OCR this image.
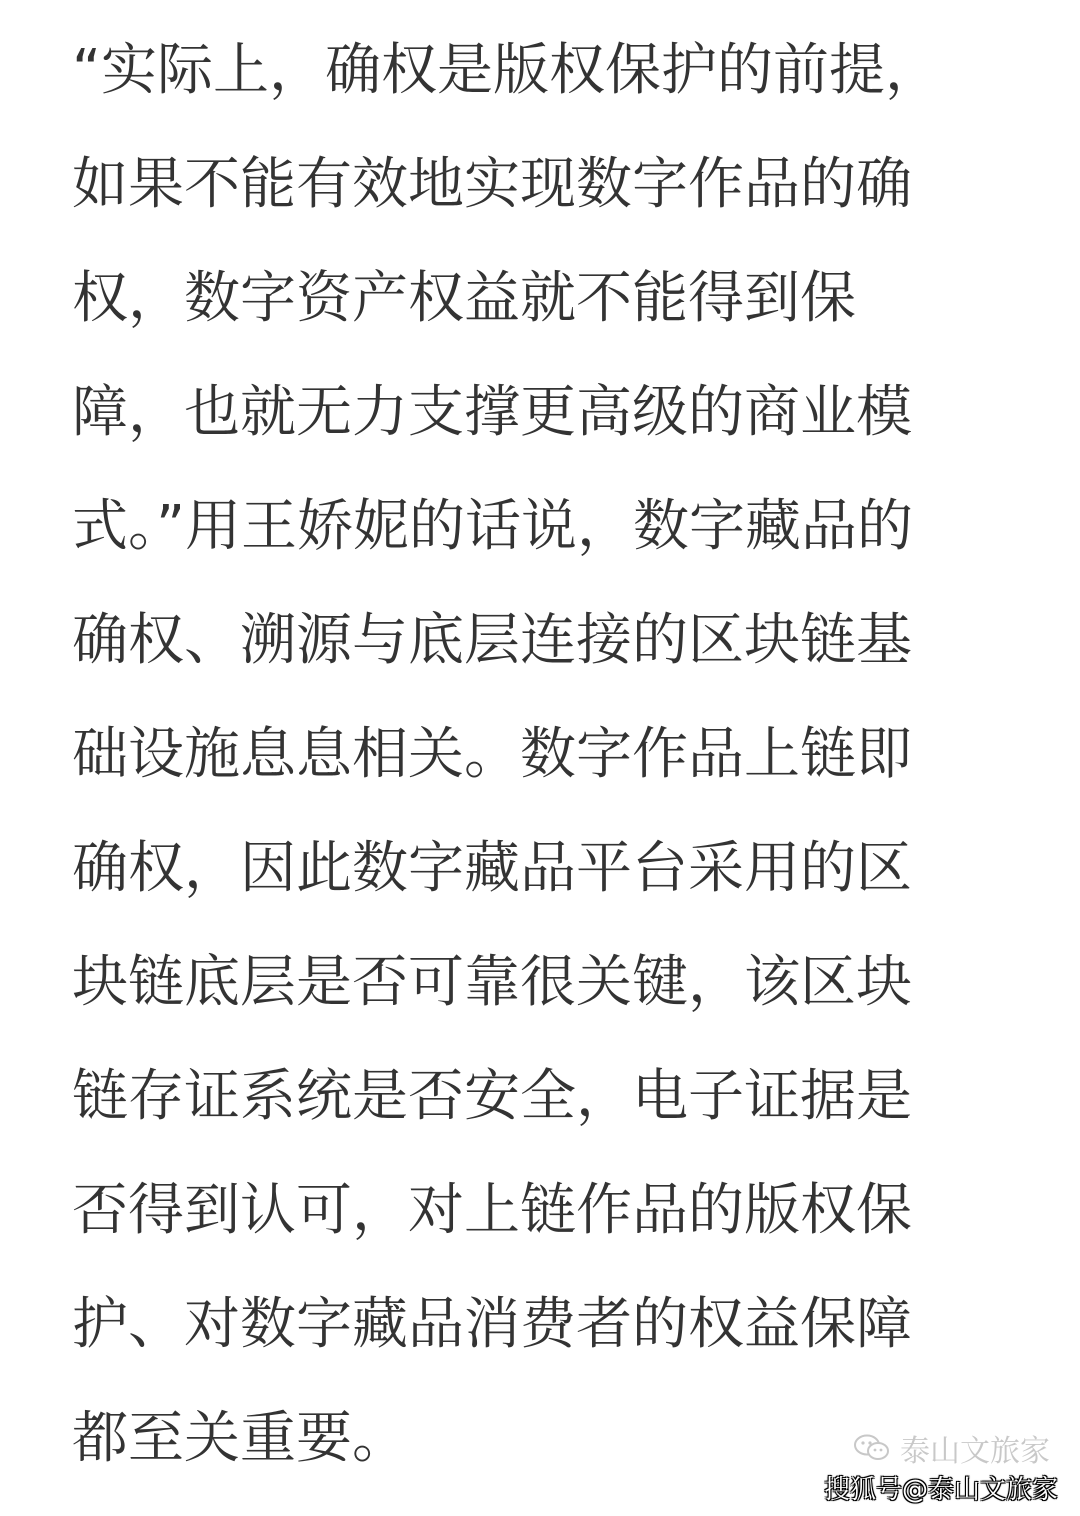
“实际上，确权是版权保护的前提，
如果不能有效地实现数字作品的确
权，数字资产权益就不能得到保
障，也就无力支撑更高级的商业模
式。”用王娇妮的话说，数字藏品的
确权、溯源与底层连接的区块链基
础设施息息相关。数字作品上链即
确权，因此数字藏品平台采用的区
块链底层是否可靠很关键，该区块
链存证系统是否安全，电子证据是
否得到认可，对上链作品的版权保
护、对数字藏品消费者的权益保障
都至关重要。	泰山文旅家
搜狐号@泰山文旅家
